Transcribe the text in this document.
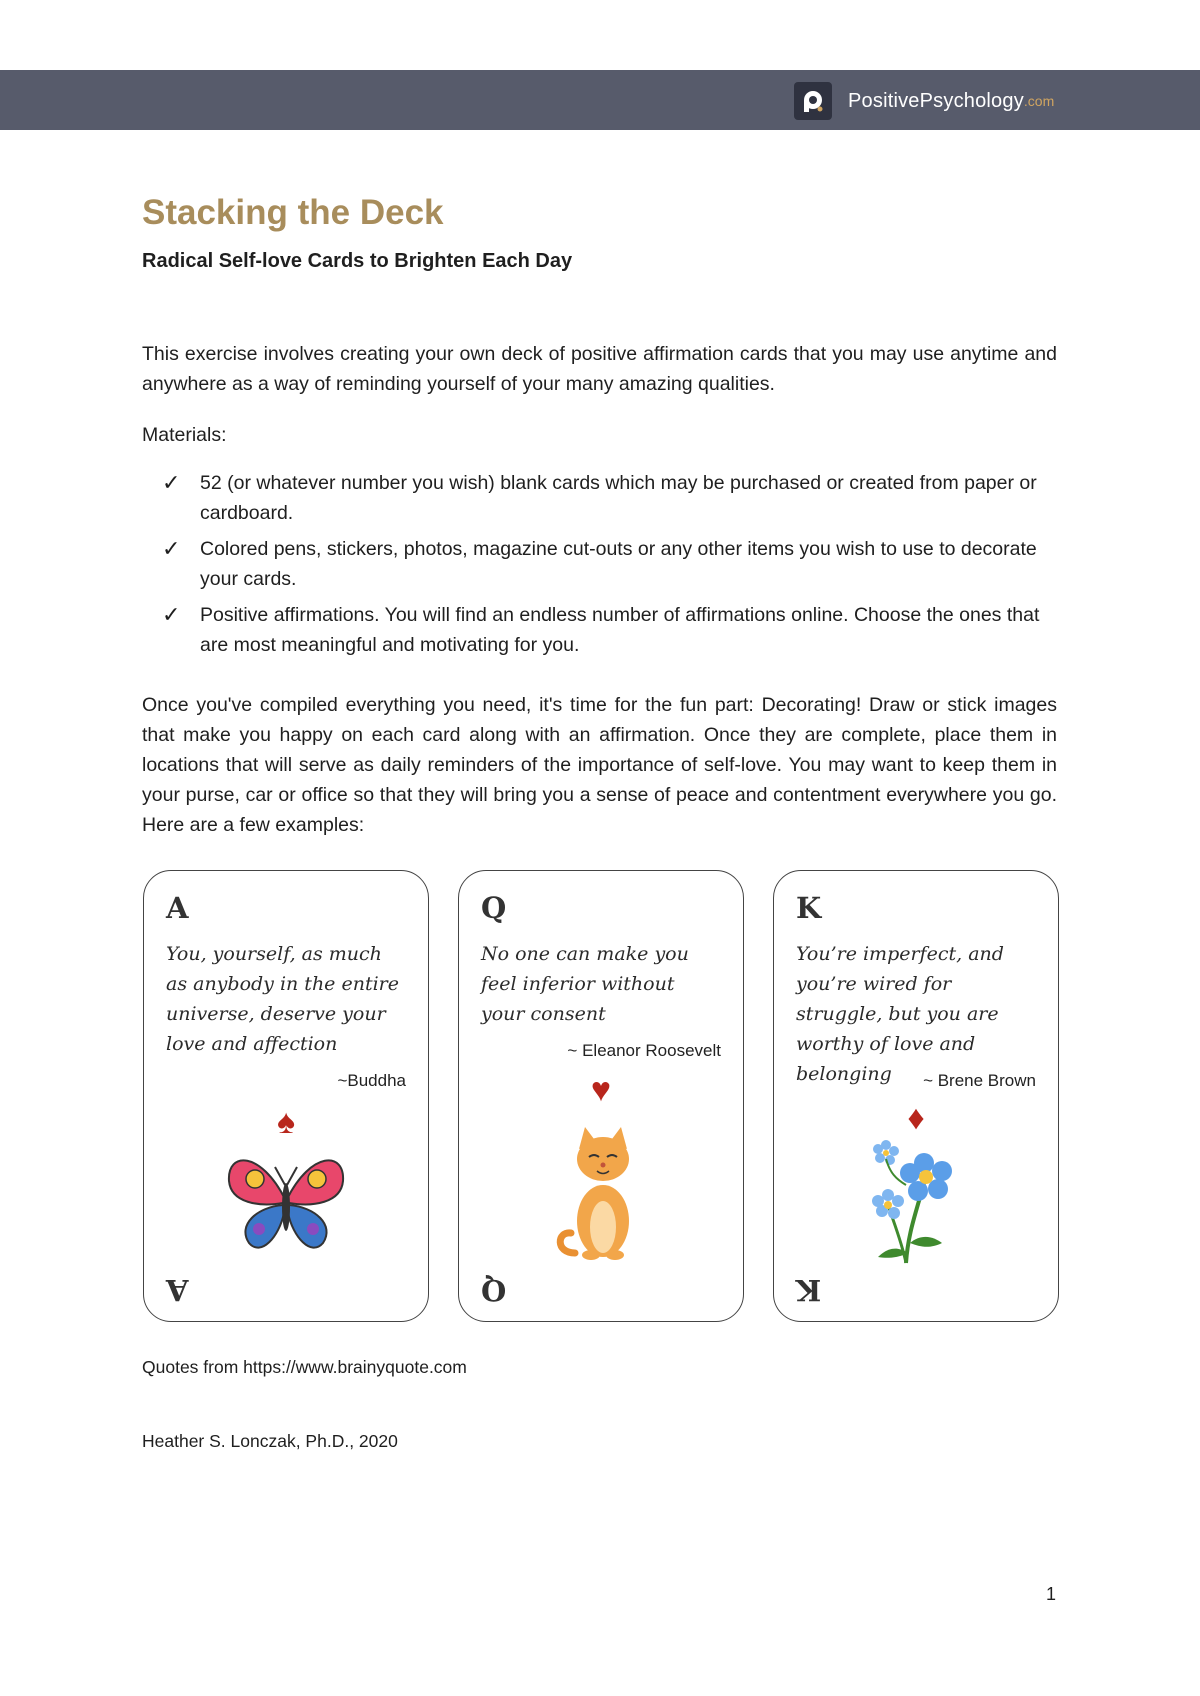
PositivePsychology .com
Stacking the Deck
Radical Self-love Cards to Brighten Each Day

This exercise involves creating your own deck of positive affirmation cards that you may use anytime and anywhere as a way of reminding yourself of your many amazing qualities.

Materials:

✓ 52 (or whatever number you wish) blank cards which may be purchased or created from paper or cardboard.
✓ Colored pens, stickers, photos, magazine cut-outs or any other items you wish to use to decorate your cards.
✓ Positive affirmations. You will find an endless number of affirmations online. Choose the ones that are most meaningful and motivating for you.

Once you've compiled everything you need, it's time for the fun part: Decorating! Draw or stick images that make you happy on each card along with an affirmation. Once they are complete, place them in locations that will serve as daily reminders of the importance of self-love. You may want to keep them in your purse, car or office so that they will bring you a sense of peace and contentment everywhere you go. Here are a few examples:

A
You, yourself, as much as anybody in the entire universe, deserve your love and affection
~Buddha
♠
A
Q
No one can make you feel inferior without your consent
~ Eleanor Roosevelt
♥
Q
K
You’re imperfect, and you’re wired for struggle, but you are worthy of love and belonging	~ Brene Brown
♦
K

Quotes from https://www.brainyquote.com

Heather S. Lonczak, Ph.D., 2020

1
